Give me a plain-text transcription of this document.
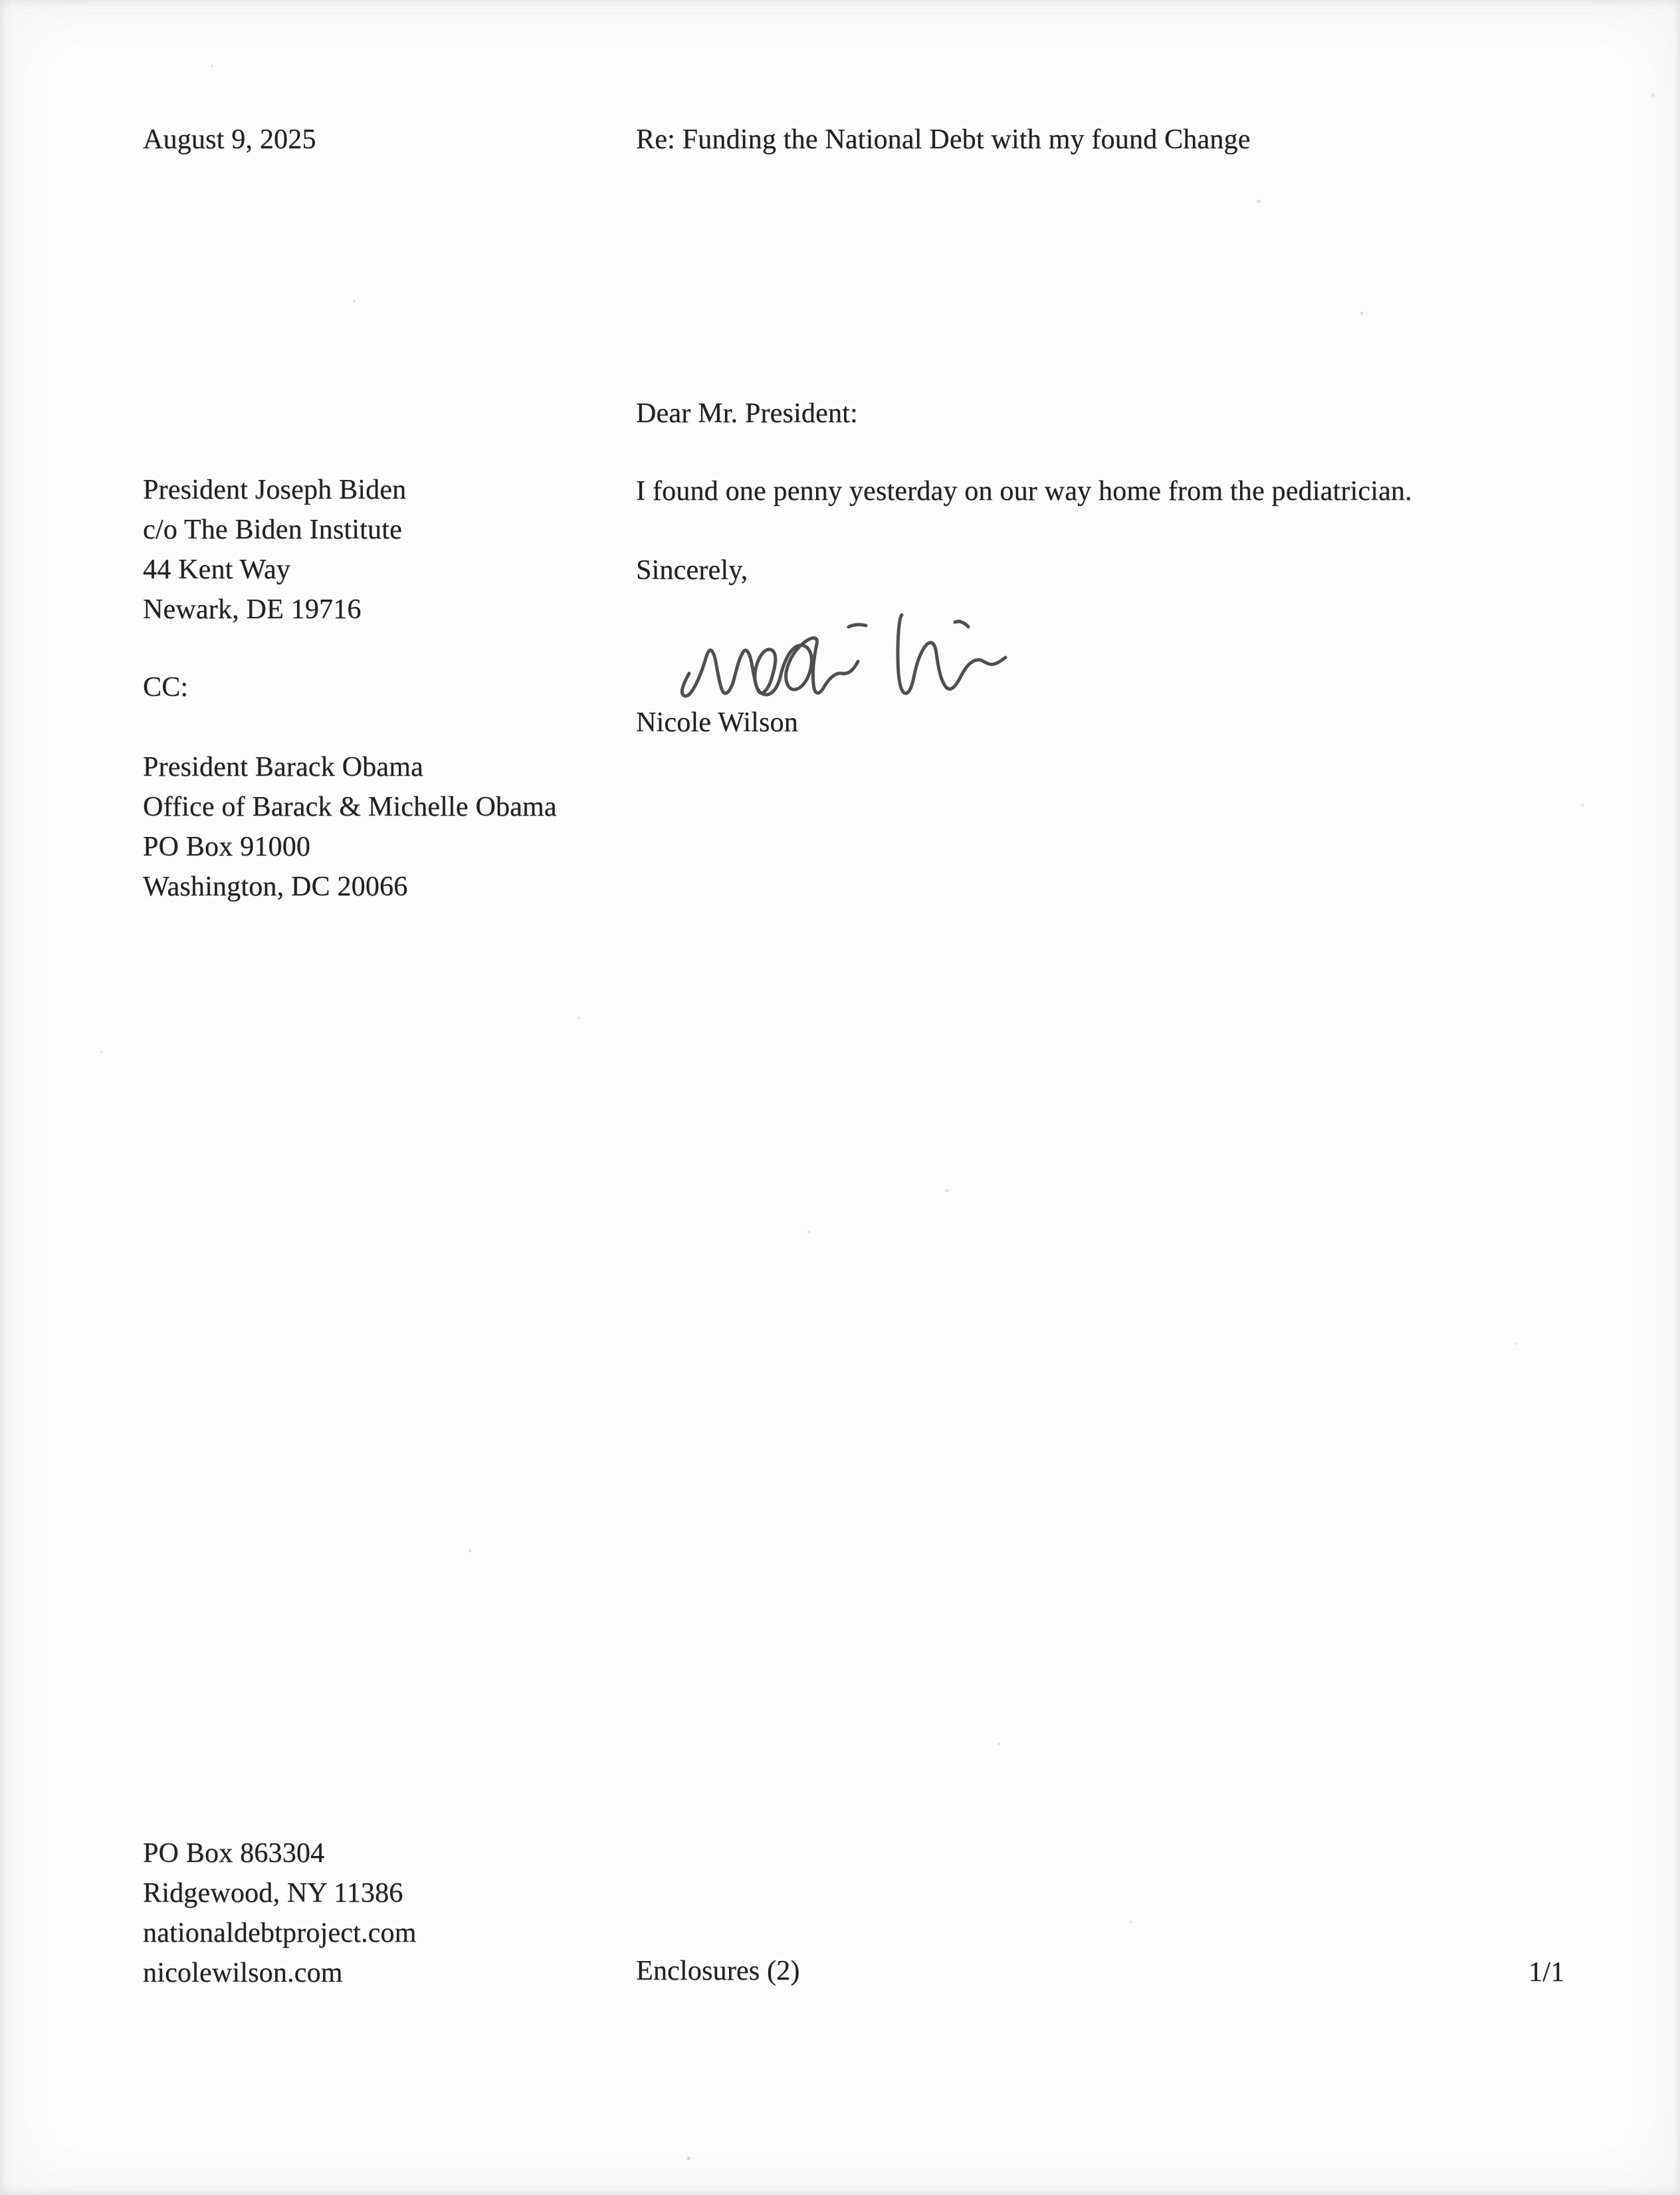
August 9, 2025	Re: Funding the National Debt with my found Change
President Joseph Biden
c/o The Biden Institute
44 Kent Way
Newark, DE 19716
CC:
President Barack Obama
Office of Barack & Michelle Obama
PO Box 91000
Washington, DC 20066
Dear Mr. President:
I found one penny yesterday on our way home from the pediatrician.
Sincerely,
Nicole Wilson
PO Box 863304
Ridgewood, NY 11386
nationaldebtproject.com
nicolewilson.com	Enclosures (2)	1/1
